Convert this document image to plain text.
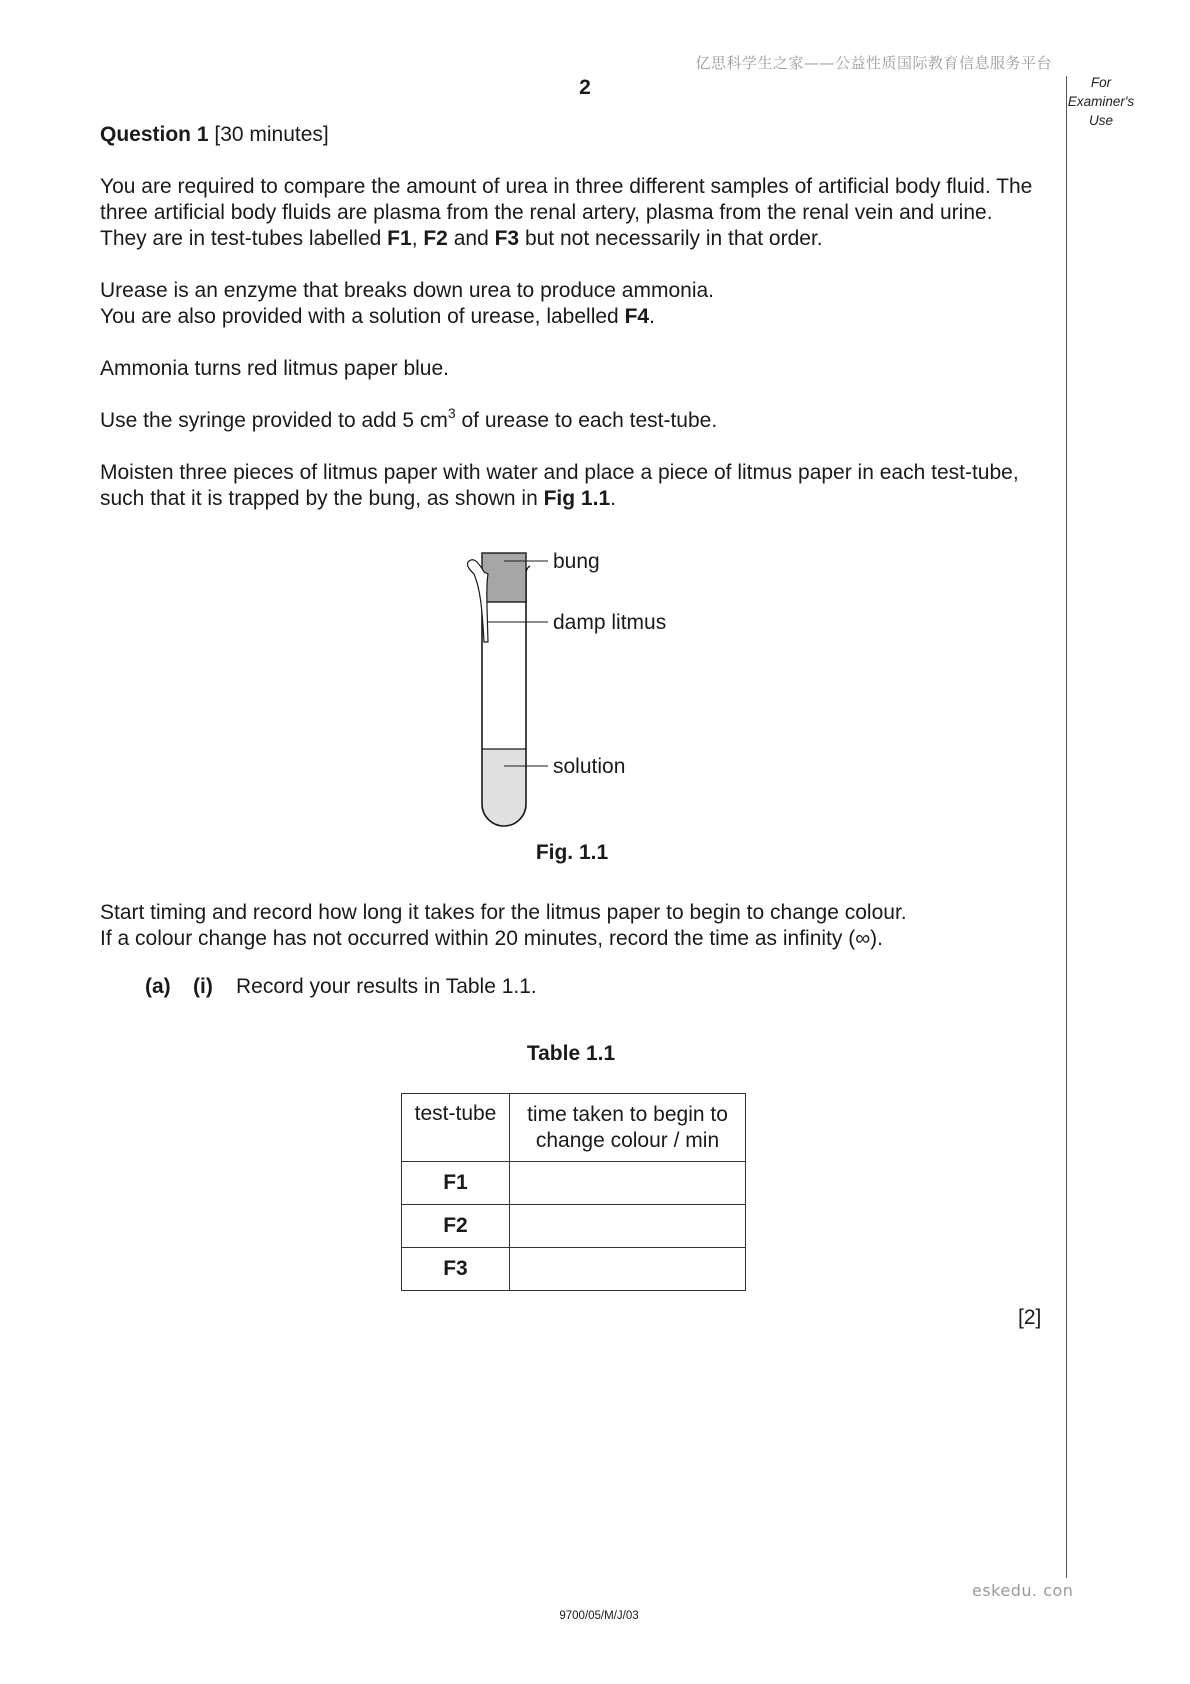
亿思科学生之家——公益性质国际教育信息服务平台
2	For
Examiner's
Use
Question 1 [30 minutes]

You are required to compare the amount of urea in three different samples of artificial body fluid. The three artificial body fluids are plasma from the renal artery, plasma from the renal vein and urine. They are in test-tubes labelled F1, F2 and F3 but not necessarily in that order.

Urease is an enzyme that breaks down urea to produce ammonia.

You are also provided with a solution of urease, labelled F4.

Ammonia turns red litmus paper blue.
Use the syringe provided to add 5 $cm^3$ of urease to each test-tube.

Moisten three pieces of litmus paper with water and place a piece of litmus paper in each test-tube, such that it is trapped by the bung, as shown in Fig 1.1.

bung
damp litmus
solution
Fig. 1.1

Start timing and record how long it takes for the litmus paper to begin to change colour.

If a colour change has not occurred within 20 minutes, record the time as infinity (∞).

(a) (i) Record your results in Table 1.1.
Table 1.1
test-tube	time taken to begin to
change colour / min

F1	
F2	
F3	
[2]
eskedu. con
9700/05/M/J/03
